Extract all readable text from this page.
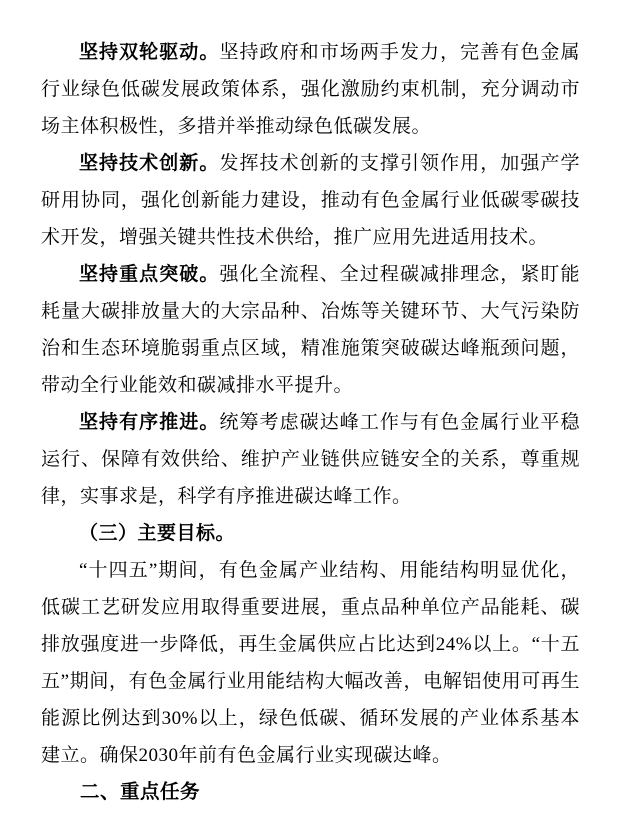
坚持双轮驱动。坚持政府和市场两手发力，完善有色金属行业绿色低碳发展政策体系，强化激励约束机制，充分调动市场主体积极性，多措并举推动绿色低碳发展。

坚持技术创新。发挥技术创新的支撑引领作用，加强产学研用协同，强化创新能力建设，推动有色金属行业低碳零碳技术开发，增强关键共性技术供给，推广应用先进适用技术。

坚持重点突破。强化全流程、全过程碳减排理念，紧盯能耗量大碳排放量大的大宗品种、冶炼等关键环节、大气污染防治和生态环境脆弱重点区域，精准施策突破碳达峰瓶颈问题，带动全行业能效和碳减排水平提升。

坚持有序推进。统筹考虑碳达峰工作与有色金属行业平稳运行、保障有效供给、维护产业链供应链安全的关系，尊重规律，实事求是，科学有序推进碳达峰工作。

（三）主要目标。

“十四五”期间，有色金属产业结构、用能结构明显优化，低碳工艺研发应用取得重要进展，重点品种单位产品能耗、碳排放强度进一步降低，再生金属供应占比达到24%以上。“十五五”期间，有色金属行业用能结构大幅改善，电解铝使用可再生能源比例达到30%以上，绿色低碳、循环发展的产业体系基本建立。确保2030年前有色金属行业实现碳达峰。

二、重点任务
